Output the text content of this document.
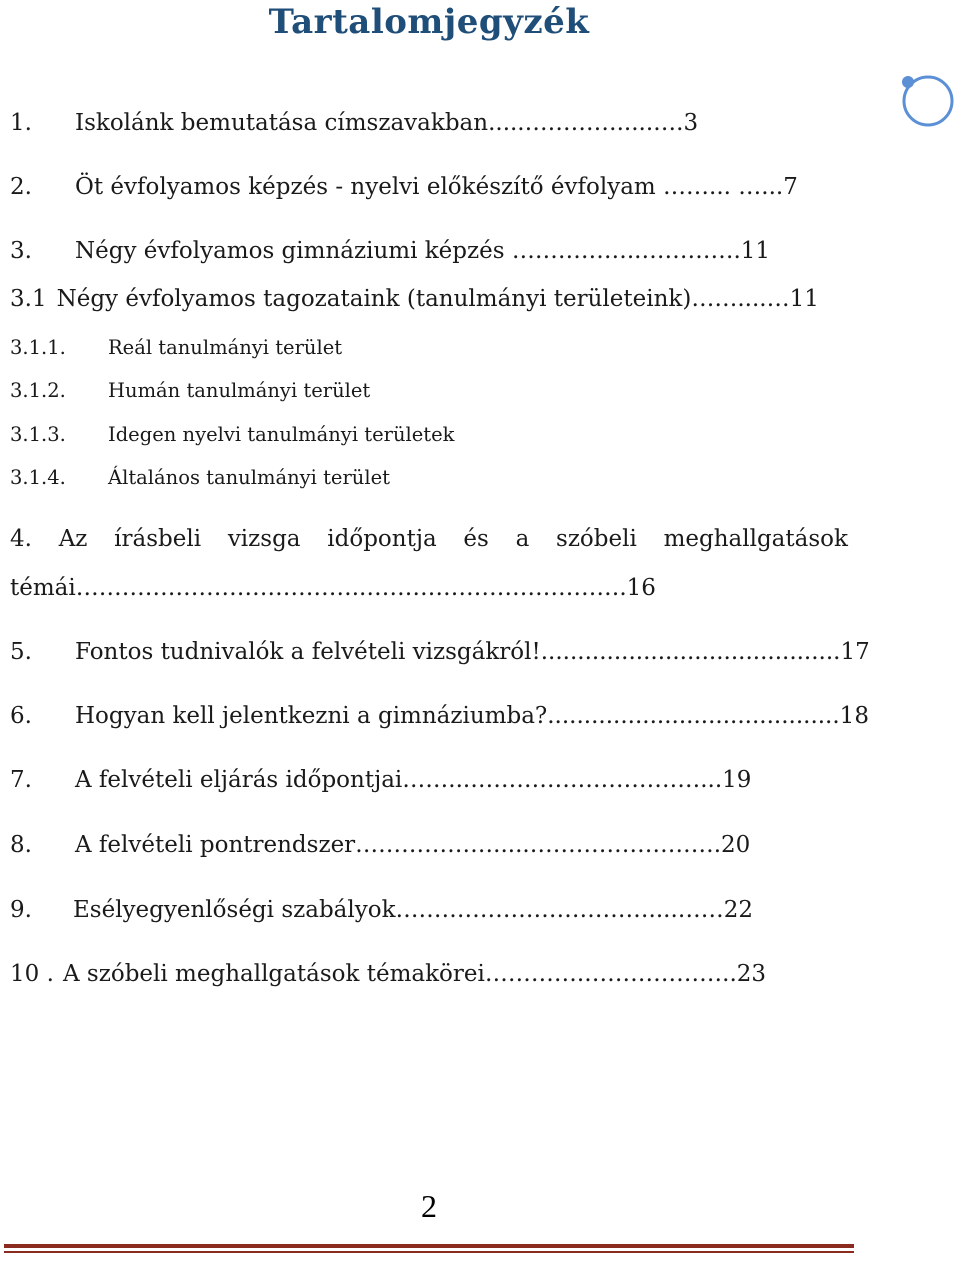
Tartalomjegyzék
1. Iskolánk bemutatása címszavakban.....………….....….3
2. Öt évfolyamos képzés - nyelvi előkészítő évfolyam ……... …...7
3. Négy évfolyamos gimnáziumi képzés ……………..………….11
3.1 Négy évfolyamos tagozataink (tanulmányi területeink)……....…11
3.1.1. Reál tanulmányi terület
3.1.2. Humán tanulmányi terület
3.1.3. Idegen nyelvi tanulmányi területek
3.1.4. Általános tanulmányi terület
4. Az írásbeli vizsga időpontja és a szóbeli meghallgatások
témái………………………………..…………………………….16
5. Fontos tudnivalók a felvételi vizsgákról!.........................................17
6. Hogyan kell jelentkezni a gimnáziumba?........................................18
7. A felvételi eljárás időpontjai……...…………………………...19
8. A felvételi pontrendszer……………….....…………………….20
9. Esélyegyenlőségi szabályok……………………………....……22
10 . A szóbeli meghallgatások témakörei………….………………..23
2
